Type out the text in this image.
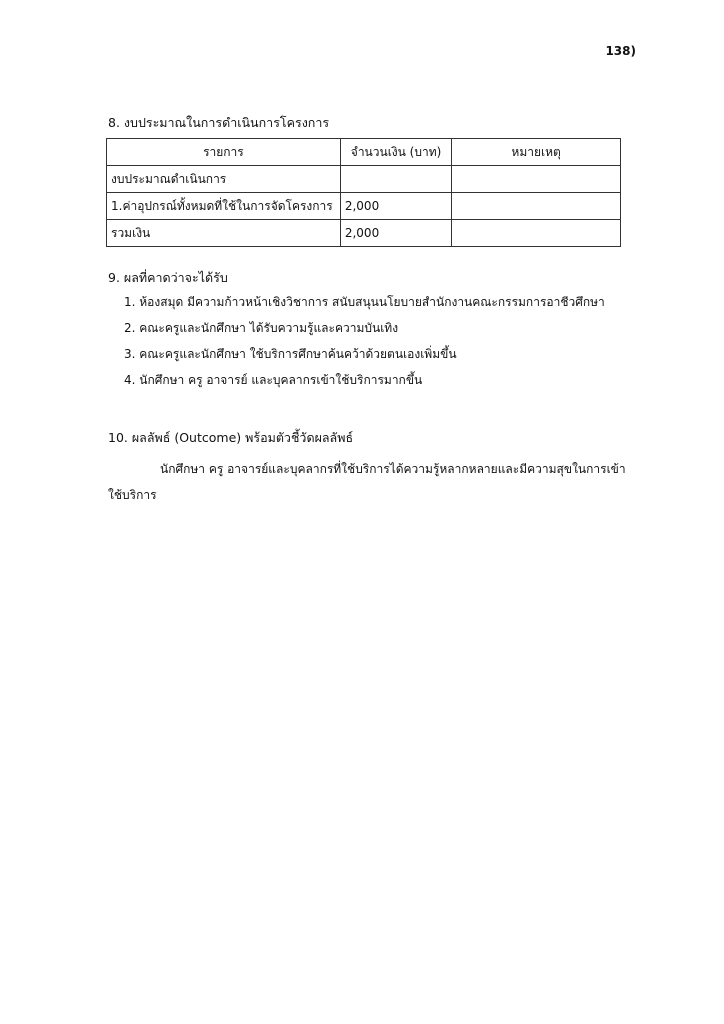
138)
8. งบประมาณในการดำเนินการโครงการ
รายการ	จำนวนเงิน (บาท)	หมายเหตุ
งบประมาณดำเนินการ		
1.ค่าอุปกรณ์ทั้งหมดที่ใช้ในการจัดโครงการ	2,000	
รวมเงิน	2,000	
9. ผลที่คาดว่าจะได้รับ
1. ห้องสมุด มีความก้าวหน้าเชิงวิชาการ สนับสนุนนโยบายสำนักงานคณะกรรมการอาชีวศึกษา
2. คณะครูและนักศึกษา ได้รับความรู้และความบันเทิง
3. คณะครูและนักศึกษา ใช้บริการศึกษาค้นคว้าด้วยตนเองเพิ่มขึ้น
4. นักศึกษา ครู อาจารย์ และบุคลากรเข้าใช้บริการมากขึ้น
10. ผลลัพธ์ (Outcome) พร้อมตัวชี้วัดผลลัพธ์

นักศึกษา ครู อาจารย์และบุคลากรที่ใช้บริการได้ความรู้หลากหลายและมีความสุขในการเข้าใช้บริการ
